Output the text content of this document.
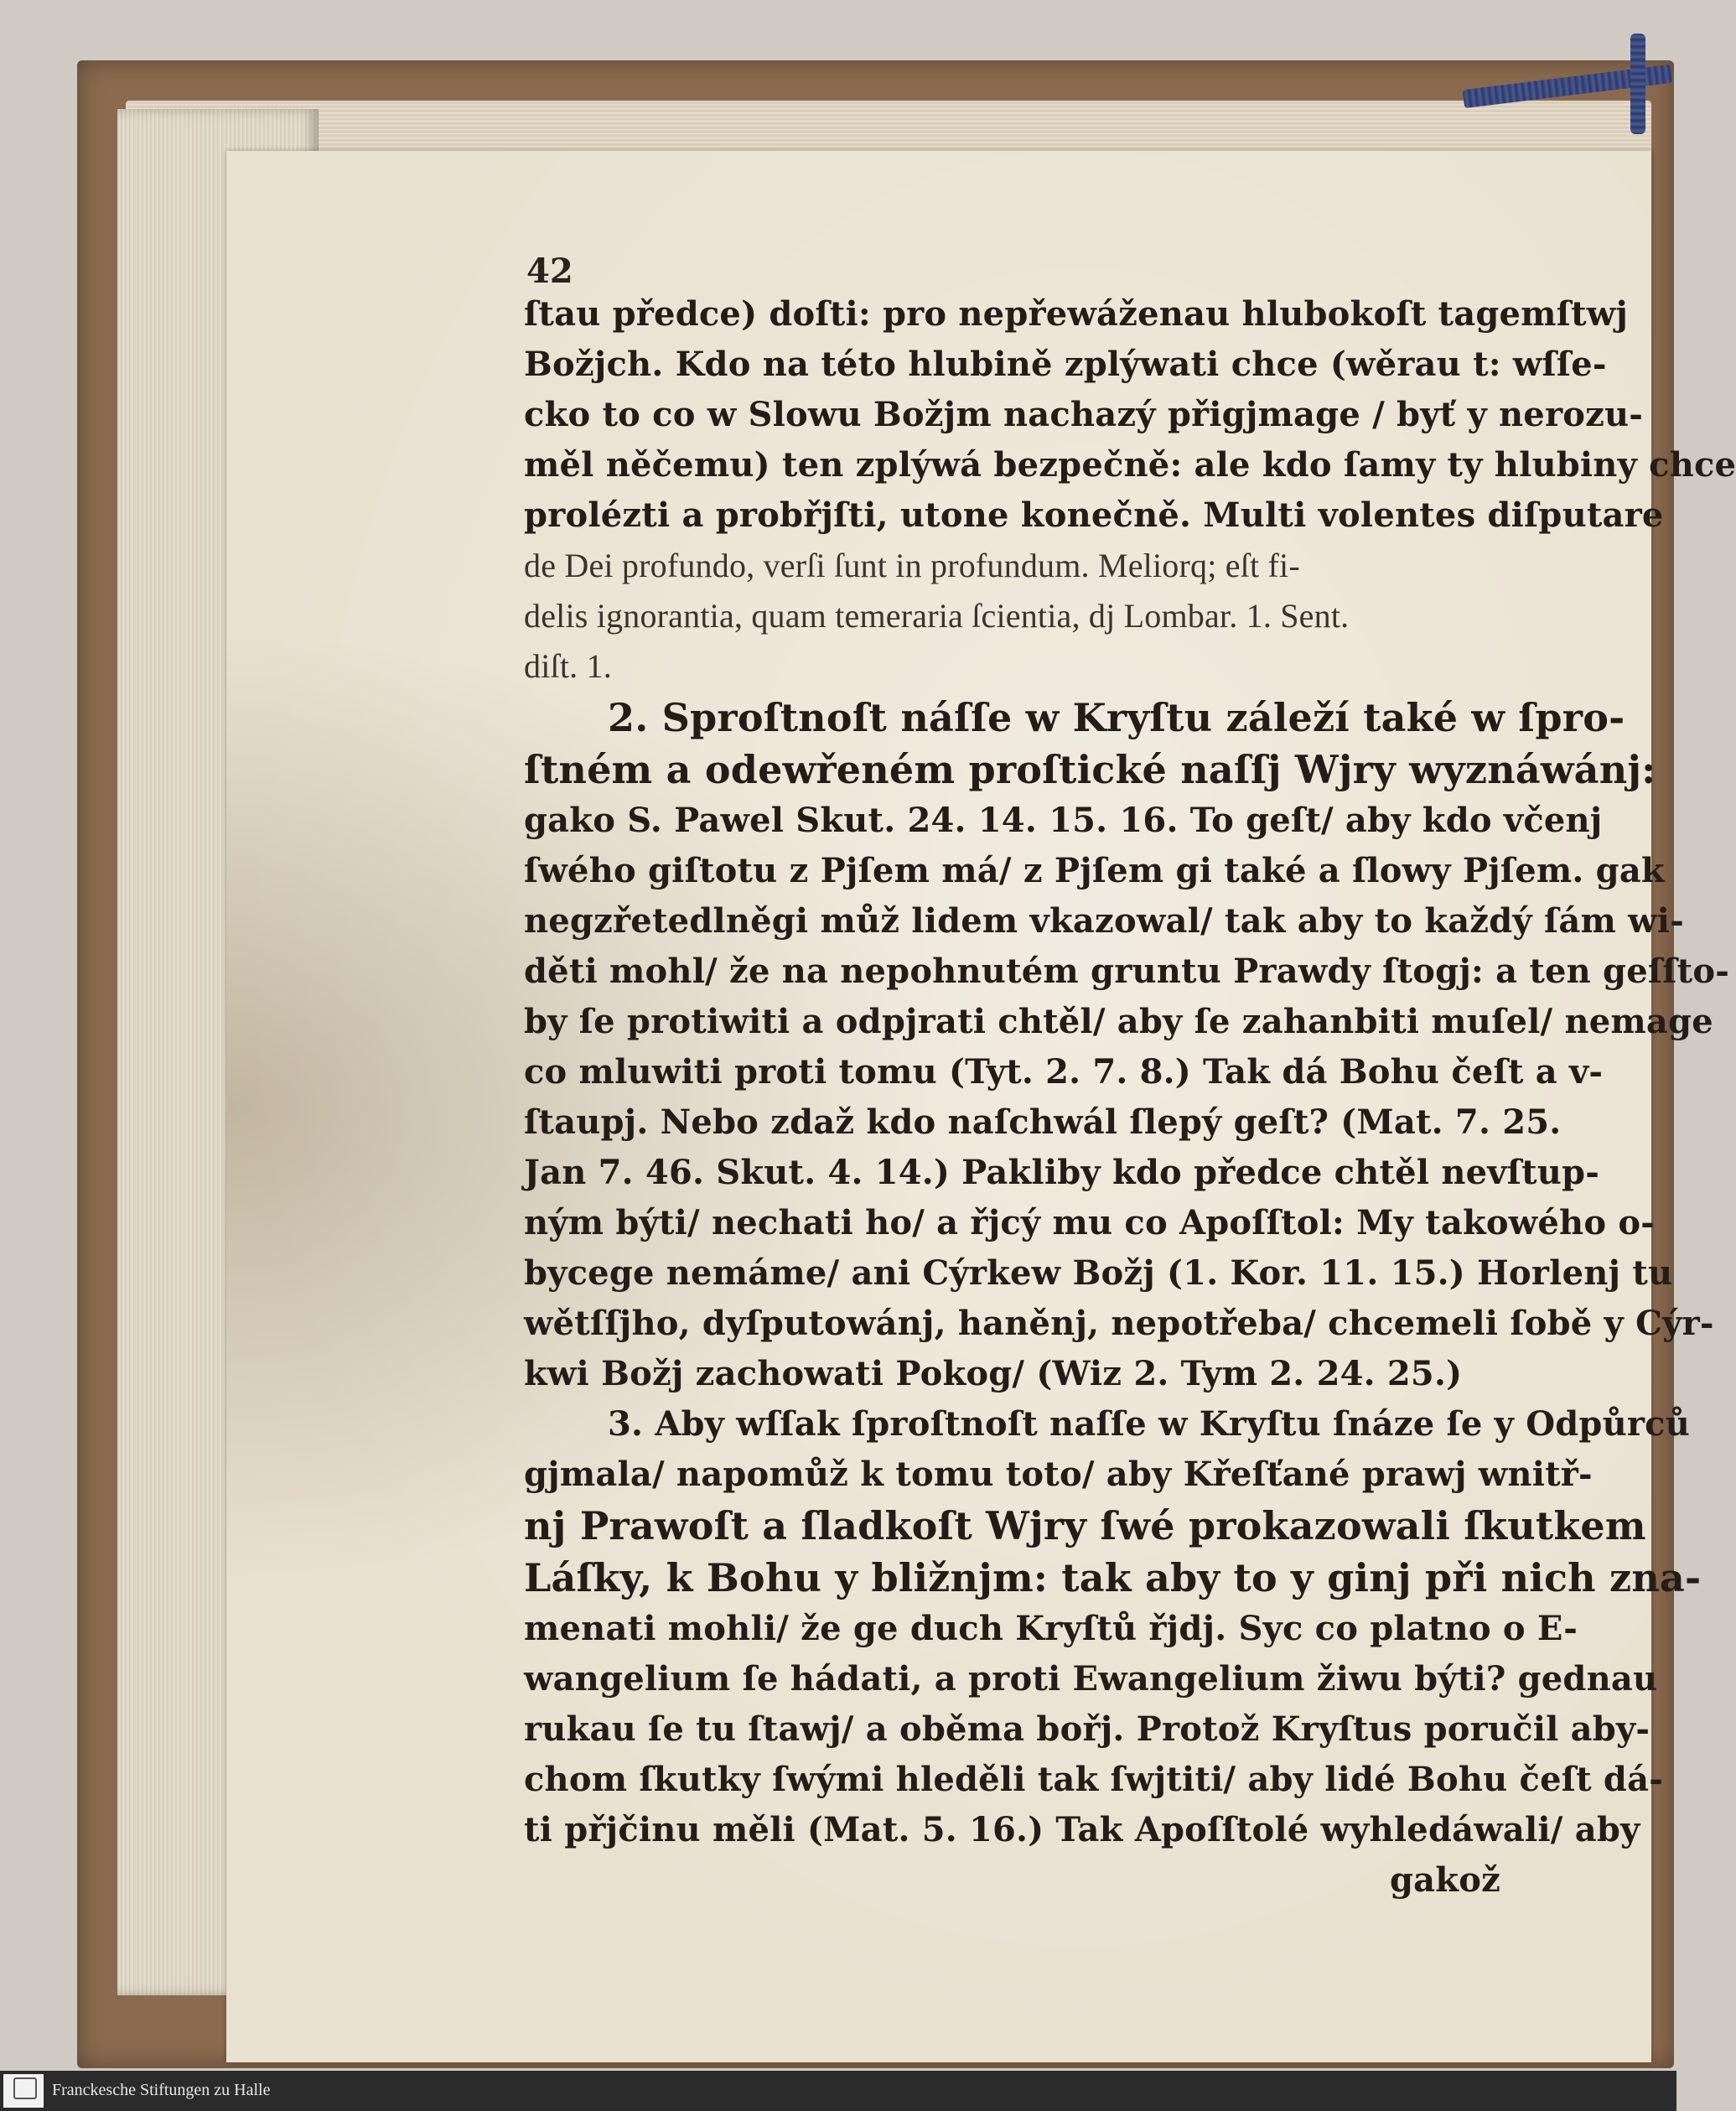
42
ſtau předce) doſti: pro nepřewáženau hlubokoſt tagemſtwj
Božjch. Kdo na této hlubině zplýwati chce (wěrau t: wſſe-
cko to co w Slowu Božjm nachazý přigjmage / byť y nerozu-
měl něčemu) ten zplýwá bezpečně: ale kdo ſamy ty hlubiny chce
prolézti a probřjſti, utone konečně. Multi volentes diſputare
de Dei profundo, verſi ſunt in profundum. Meliorq; eſt fi-
delis ignorantia, quam temeraria ſcientia, dj Lombar. 1. Sent.
diſt. 1.
2. Sproſtnoſt náſſe w Kryſtu záleží také w ſpro-
ſtném a odewřeném proſtické naſſj Wjry wyznáwánj:
gako S. Pawel Skut. 24. 14. 15. 16. To geſt/ aby kdo včenj
ſwého giſtotu z Pjſem má/ z Pjſem gi také a ſlowy Pjſem. gak
negzřetedlněgi můž lidem vkazowal/ tak aby to každý ſám wi-
děti mohl/ že na nepohnutém gruntu Prawdy ſtogj: a ten geſſto-
by ſe protiwiti a odpjrati chtěl/ aby ſe zahanbiti muſel/ nemage
co mluwiti proti tomu (Tyt. 2. 7. 8.) Tak dá Bohu čeſt a v-
ſtaupj. Nebo zdaž kdo naſchwál ſlepý geſt? (Mat. 7. 25.
Jan 7. 46. Skut. 4. 14.) Pakliby kdo předce chtěl nevſtup-
ným býti/ nechati ho/ a řjcý mu co Apoſſtol: My takowého o-
bycege nemáme/ ani Cýrkew Božj (1. Kor. 11. 15.) Horlenj tu
wětſſjho, dyſputowánj, haněnj, nepotřeba/ chcemeli ſobě y Cýr-
kwi Božj zachowati Pokog/ (Wiz 2. Tym 2. 24. 25.)
3. Aby wſſak ſproſtnoſt naſſe w Kryſtu ſnáze ſe y Odpůrců
gjmala/ napomůž k tomu toto/ aby Křeſťané prawj wnitř-
nj Prawoſt a ſladkoſt Wjry ſwé prokazowali ſkutkem
Láſky, k Bohu y bližnjm: tak aby to y ginj při nich zna-
menati mohli/ že ge duch Kryſtů řjdj. Syc co platno o E-
wangelium ſe hádati, a proti Ewangelium žiwu býti? gednau
rukau ſe tu ſtawj/ a oběma bořj. Protož Kryſtus poručil aby-
chom ſkutky ſwými hleděli tak ſwjtiti/ aby lidé Bohu čeſt dá-
ti přjčinu měli (Mat. 5. 16.) Tak Apoſſtolé wyhledáwali/ aby
gakož
Franckesche Stiftungen zu Halle
